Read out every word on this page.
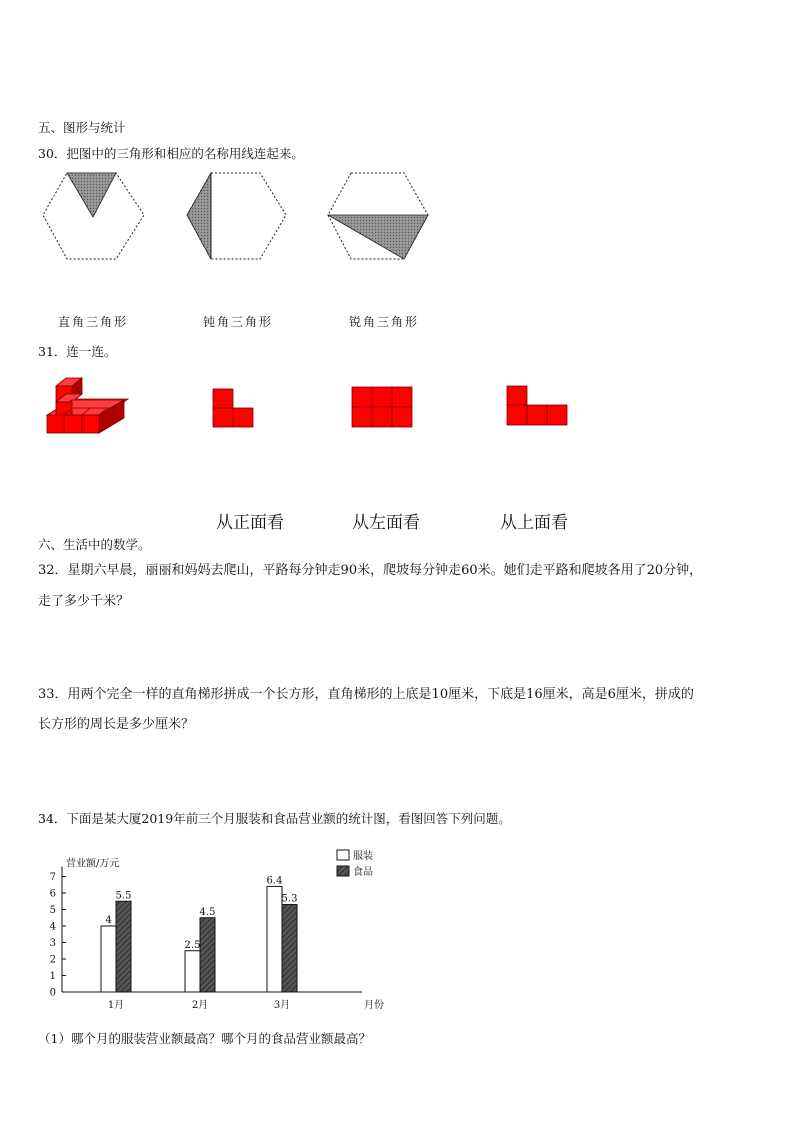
五、图形与统计
30．把图中的三角形和相应的名称用线连起来。
直角三角形	钝角三角形	锐角三角形
31．连一连。
从正面看	从左面看	从上面看
六、生活中的数学。
32．星期六早晨，丽丽和妈妈去爬山，平路每分钟走90米，爬坡每分钟走60米。她们走平路和爬坡各用了20分钟，
走了多少千米？
33．用两个完全一样的直角梯形拼成一个长方形，直角梯形的上底是10厘米，下底是16厘米，高是6厘米，拼成的
长方形的周长是多少厘米？
34．下面是某大厦2019年前三个月服装和食品营业额的统计图，看图回答下列问题。
营业额/万元
0
1
2
3
4
5
6
7
月份
1月
4
5.5
2月
2.5
4.5
3月
6.4
5.3
服装
食品
（1）哪个月的服装营业额最高？哪个月的食品营业额最高？
